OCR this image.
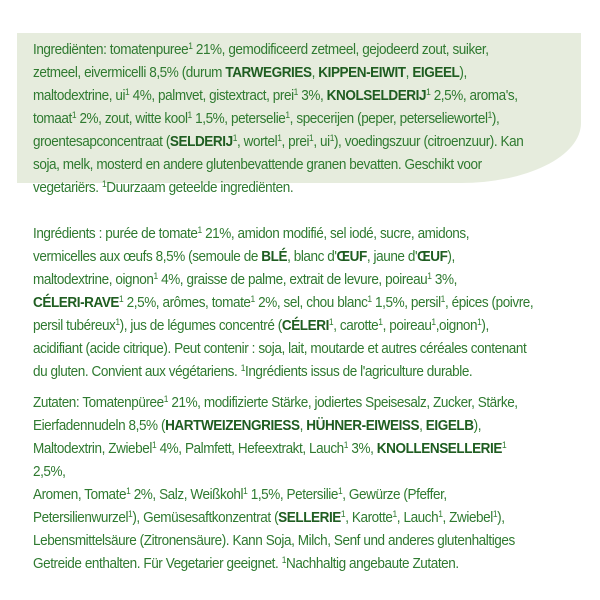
Ingrediënten: tomatenpuree$^1$ 21%, gemodificeerd zetmeel, gejodeerd zout, suiker,
zetmeel, eivermicelli 8,5% (durum TARWEGRIES, KIPPEN-EIWIT, EIGEEL),
maltodextrine, $ui^1$ 4%, palmvet, gistextract, prei$^1$ 3%, KNOLSELDERIJ$^1$ 2,5%, aroma's,
tomaat$^1$ 2%, zout, witte kool$^1$ 1,5%, peterselie$^1$, specerijen (peper, peterseliewortel$^1$),
groentesapconcentraat (SELDERIJ$^1$, wortel$^1$, prei$^1$, $ui^1$), voedingszuur (citroenzuur). Kan
soja, melk, mosterd en andere glutenbevattende granen bevatten. Geschikt voor
vegetariërs. $^1$Duurzaam geteelde ingrediënten.

Ingrédients : purée de tomate$^1$ 21%, amidon modifié, sel iodé, sucre, amidons,
vermicelles aux œufs 8,5% (semoule de BLÉ, blanc d'ŒUF, jaune d'ŒUF),
maltodextrine, oignon$^1$ 4%, graisse de palme, extrait de levure, poireau$^1$ 3%,
CÉLERI-RAVE$^1$ 2,5%, arômes, tomate$^1$ 2%, sel, chou blanc$^1$ 1,5%, persil$^1$, épices (poivre,
persil tubéreux$^1$), jus de légumes concentré (CÉLERI$^1$, carotte$^1$, poireau$^1$,oignon$^1$),
acidifiant (acide citrique). Peut contenir : soja, lait, moutarde et autres céréales contenant
du gluten. Convient aux végétariens. $^1$Ingrédients issus de l'agriculture durable.

Zutaten: Tomatenpüree$^1$ 21%, modifizierte Stärke, jodiertes Speisesalz, Zucker, Stärke,
Eierfadennudeln 8,5% (HARTWEIZENGRIESS, HÜHNER-EIWEISS, EIGELB),
Maltodextrin, Zwiebel$^1$ 4%, Palmfett, Hefeextrakt, Lauch$^1$ 3%, KNOLLENSELLERIE$^1$ 2,5%,
Aromen, Tomate$^1$ 2%, Salz, Weißkohl$^1$ 1,5%, Petersilie$^1$, Gewürze (Pfeffer,
Petersilienwurzel$^1$), Gemüsesaftkonzentrat (SELLERIE$^1$, Karotte$^1$, Lauch$^1$, Zwiebel$^1$),
Lebensmittelsäure (Zitronensäure). Kann Soja, Milch, Senf und anderes glutenhaltiges
Getreide enthalten. Für Vegetarier geeignet. $^1$Nachhaltig angebaute Zutaten.
